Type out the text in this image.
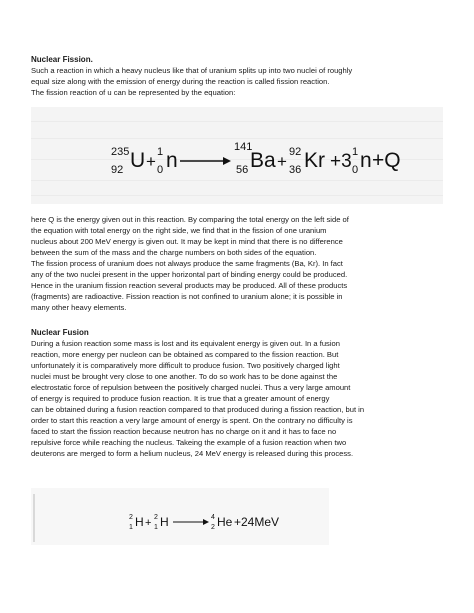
Nuclear Fission.

Such a reaction in which a heavy nucleus like that of uranium splits up into two nuclei of roughly

equal size along with the emission of energy during the reaction is called fission reaction.

The fission reaction of u can be represented by the equation:

235
92 U + 1
0 n
141
56 Ba + 92
36 Kr +3 1
0 n +Q

here Q is the energy given out in this reaction. By comparing the total energy on the left side of

the equation with total energy on the right side, we find that in the fission of one uranium

nucleus about 200 MeV energy is given out. It may be kept in mind that there is no difference

between the sum of the mass and the charge numbers on both sides of the equation.

The fission process of uranium does not always produce the same fragments (Ba, Kr). In fact

any of the two nuclei present in the upper horizontal part of binding energy could be produced.

Hence in the uranium fission reaction several products may be produced. All of these products

(fragments) are radioactive. Fission reaction is not confined to uranium alone; it is possible in

many other heavy elements.

Nuclear Fusion

During a fusion reaction some mass is lost and its equivalent energy is given out. In a fusion

reaction, more energy per nucleon can be obtained as compared to the fission reaction. But

unfortunately it is comparatively more difficult to produce fusion. Two positively charged light

nuclei must be brought very close to one another. To do so work has to be done against the

electrostatic force of repulsion between the positively charged nuclei. Thus a very large amount

of energy is required to produce fusion reaction. It is true that a greater amount of energy

can be obtained during a fusion reaction compared to that produced during a fission reaction, but in

order to start this reaction a very large amount of energy is spent. On the contrary no difficulty is

faced to start the fission reaction because neutron has no charge on it and it has to face no

repulsive force while reaching the nucleus. Takeing the example of a fusion reaction when two

deuterons are merged to form a helium nucleus, 24 MeV energy is released during this process.

2
1 H + 2
1 H	4
2 He +24MeV
